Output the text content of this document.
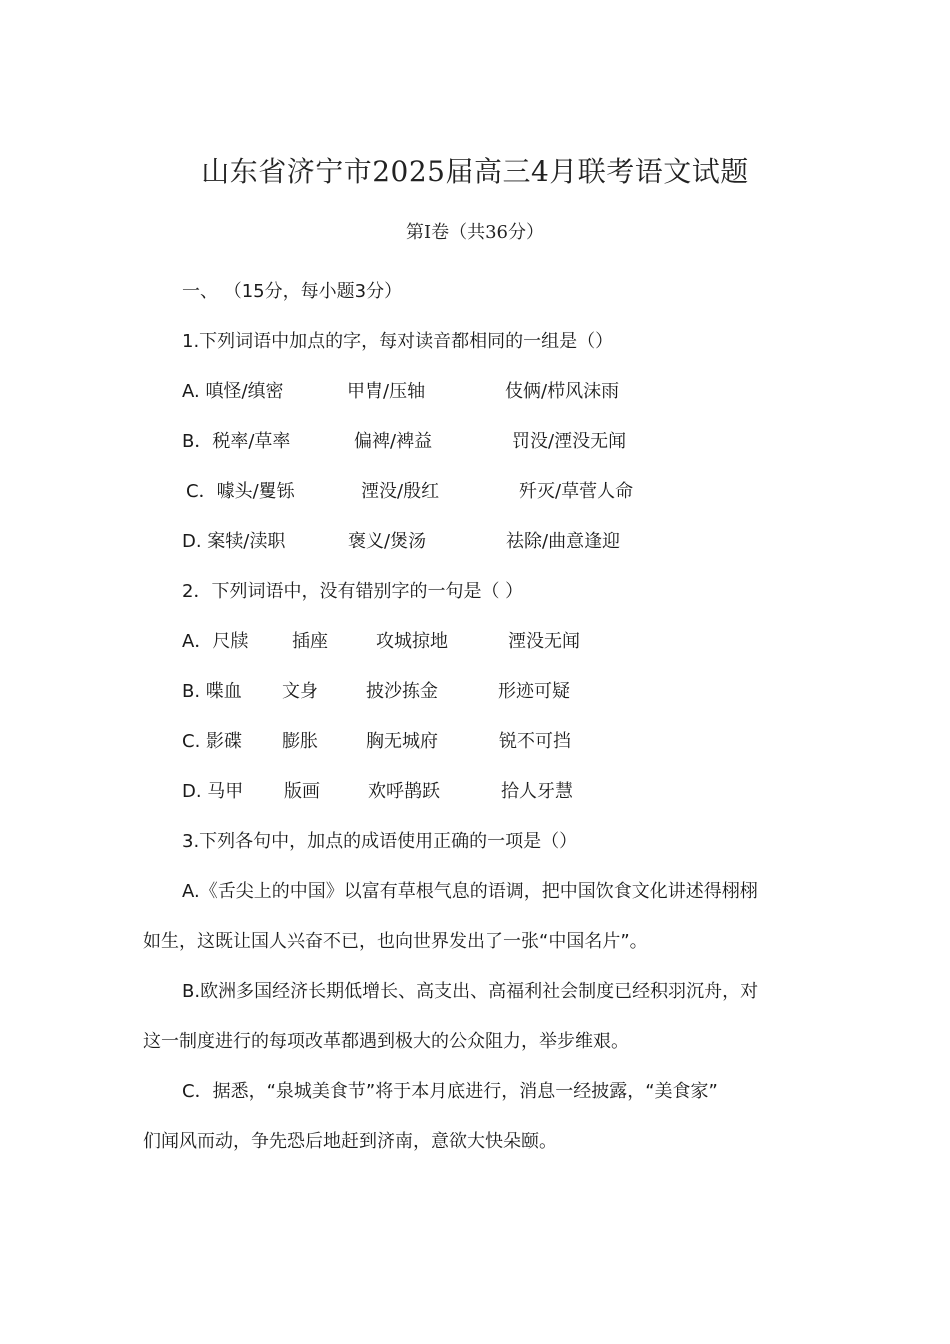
山东省济宁市2025届高三4月联考语文试题
第Ⅰ卷（共36分）
一、 （15分，每小题3分）
1.下列词语中加点的字，每对读音都相同的一组是（）
A. 嗔怪/缜密	甲胄/压轴	伎俩/栉风沫雨
B．税率/草率	偏裨/裨益	罚没/湮没无闻
C．噱头/矍铄	湮没/殷红	歼灭/草菅人命
D. 案犊/渎职	褒义/煲汤	祛除/曲意逢迎
2．下列词语中，没有错别字的一句是（ ）
A．尺牍 插座	攻城掠地	湮没无闻
B. 喋血 文身	披沙拣金	形迹可疑
C. 影碟 膨胀	胸无城府	锐不可挡
D. 马甲 版画	欢呼鹊跃	拾人牙慧
3.下列各句中，加点的成语使用正确的一项是（）
A.《舌尖上的中国》以富有草根气息的语调，把中国饮食文化讲述得栩栩
如生，这既让国人兴奋不已，也向世界发出了一张“中国名片”。
B.欧洲多国经济长期低增长、高支出、高福利社会制度已经积羽沉舟，对
这一制度进行的每项改革都遇到极大的公众阻力，举步维艰。
C．据悉，“泉城美食节”将于本月底进行，消息一经披露，“美食家”
们闻风而动，争先恐后地赶到济南，意欲大快朵颐。
